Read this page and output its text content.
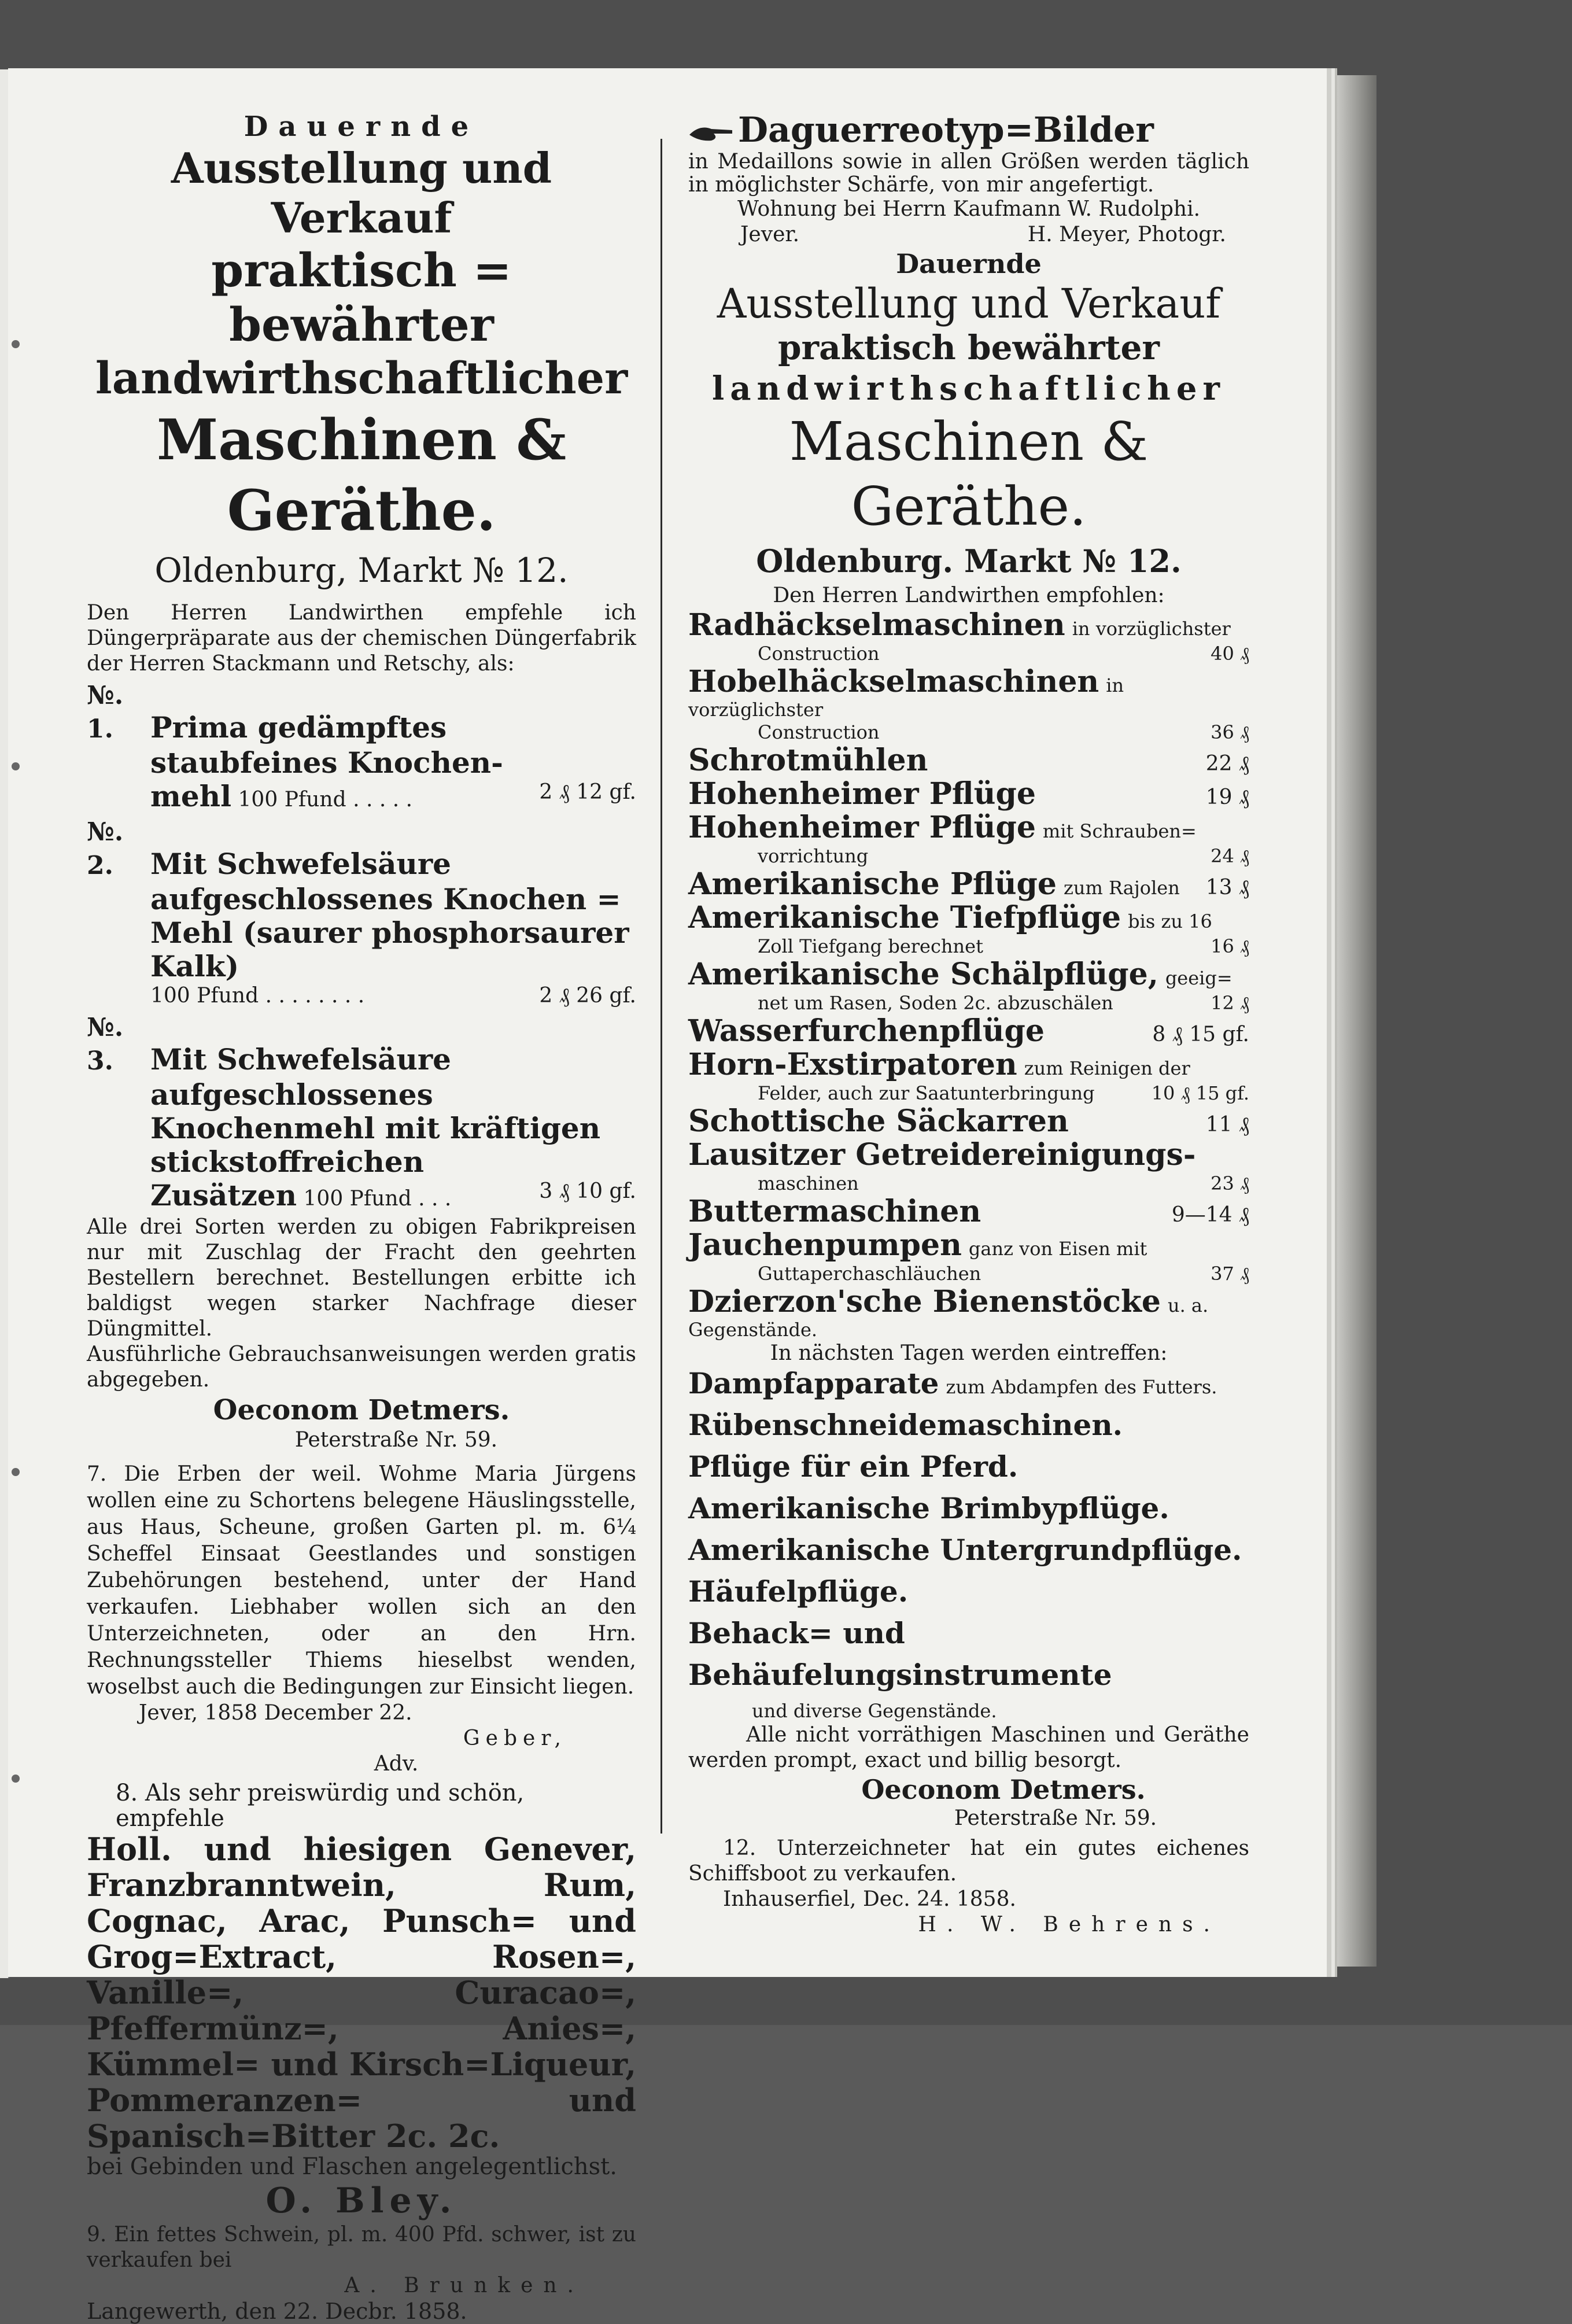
Dauernde
Ausstellung und Verkauf
praktisch = bewährter
landwirthschaftlicher
Maschinen & Geräthe.
Oldenburg, Markt № 12.
Den Herren Landwirthen empfehle ich Düngerpräparate aus der chemischen Düngerfabrik der Herren Stackmann und Retschy, als:
№. 1. Prima gedämpftes staubfeines Knochen-
mehl 100 Pfund . . . . .	2 ₰ 12 gf.
№. 2. Mit Schwefelsäure aufgeschlossenes Knochen = Mehl (saurer phosphorsaurer Kalk)
100 Pfund . . . . . . . .	2 ₰ 26 gf.
№. 3. Mit Schwefelsäure aufgeschlossenes Knochenmehl mit kräftigen stickstoffreichen
Zusätzen 100 Pfund . . .	3 ₰ 10 gf.
Alle drei Sorten werden zu obigen Fabrikpreisen nur mit Zuschlag der Fracht den geehrten Bestellern berechnet. Bestellungen erbitte ich baldigst wegen starker Nachfrage dieser Düngmittel.
Ausführliche Gebrauchsanweisungen werden gratis abgegeben.
Oeconom Detmers.
Peterstraße Nr. 59.
7. Die Erben der weil. Wohme Maria Jürgens wollen eine zu Schortens belegene Häuslingsstelle, aus Haus, Scheune, großen Garten pl. m. 6¼ Scheffel Einsaat Geestlandes und sonstigen Zubehörungen bestehend, unter der Hand verkaufen. Liebhaber wollen sich an den Unterzeichneten, oder an den Hrn. Rechnungssteller Thiems hieselbst wenden, woselbst auch die Bedingungen zur Einsicht liegen.
Jever, 1858 December 22.
Geber,
Adv.
8. Als sehr preiswürdig und schön, empfehle
Holl. und hiesigen Genever, Franzbranntwein, Rum, Cognac, Arac, Punsch= und Grog=Extract, Rosen=, Vanille=, Curacao=, Pfeffermünz=, Anies=, Kümmel= und Kirsch=Liqueur, Pommeranzen= und Spanisch=Bitter 2c. 2c.
bei Gebinden und Flaschen angelegentlichst.
O. Bley.
9. Ein fettes Schwein, pl. m. 400 Pfd. schwer, ist zu verkaufen bei
A. Brunken.
Langewerth, den 22. Decbr. 1858.
Daguerreotyp=Bilder
in Medaillons sowie in allen Größen werden täglich in möglichster Schärfe, von mir angefertigt.
Wohnung bei Herrn Kaufmann W. Rudolphi.
Jever.	H. Meyer, Photogr.
Dauernde
Ausstellung und Verkauf
praktisch bewährter
landwirthschaftlicher
Maschinen & Geräthe.
Oldenburg. Markt № 12.
Den Herren Landwirthen empfohlen:
Radhäckselmaschinen in vorzüglichster
Construction	40 ₰
Hobelhäckselmaschinen in vorzüglichster
Construction	36 ₰
Schrotmühlen	22 ₰
Hohenheimer Pflüge	19 ₰
Hohenheimer Pflüge mit Schrauben=
vorrichtung	24 ₰
Amerikanische Pflüge zum Rajolen 13 ₰
Amerikanische Tiefpflüge bis zu 16
Zoll Tiefgang berechnet	16 ₰
Amerikanische Schälpflüge, geeig=
net um Rasen, Soden 2c. abzuschälen	12 ₰
Wasserfurchenpflüge	8 ₰ 15 gf.
Horn-Exstirpatoren zum Reinigen der
Felder, auch zur Saatunterbringung	10 ₰ 15 gf.
Schottische Säckarren	11 ₰
Lausitzer Getreidereinigungs-
maschinen	23 ₰
Buttermaschinen	9—14 ₰
Jauchenpumpen ganz von Eisen mit
Guttaperchaschläuchen	37 ₰
Dzierzon'sche Bienenstöcke u. a. Gegenstände.
In nächsten Tagen werden eintreffen:
Dampfapparate zum Abdampfen des Futters.
Rübenschneidemaschinen.
Pflüge für ein Pferd.
Amerikanische Brimbypflüge.
Amerikanische Untergrundpflüge.
Häufelpflüge.
Behack= und Behäufelungsinstrumente
und diverse Gegenstände.
Alle nicht vorräthigen Maschinen und Geräthe werden prompt, exact und billig besorgt.
Oeconom Detmers.
Peterstraße Nr. 59.
12. Unterzeichneter hat ein gutes eichenes Schiffsboot zu verkaufen.
Inhauserfiel, Dec. 24. 1858.
H. W. Behrens.
